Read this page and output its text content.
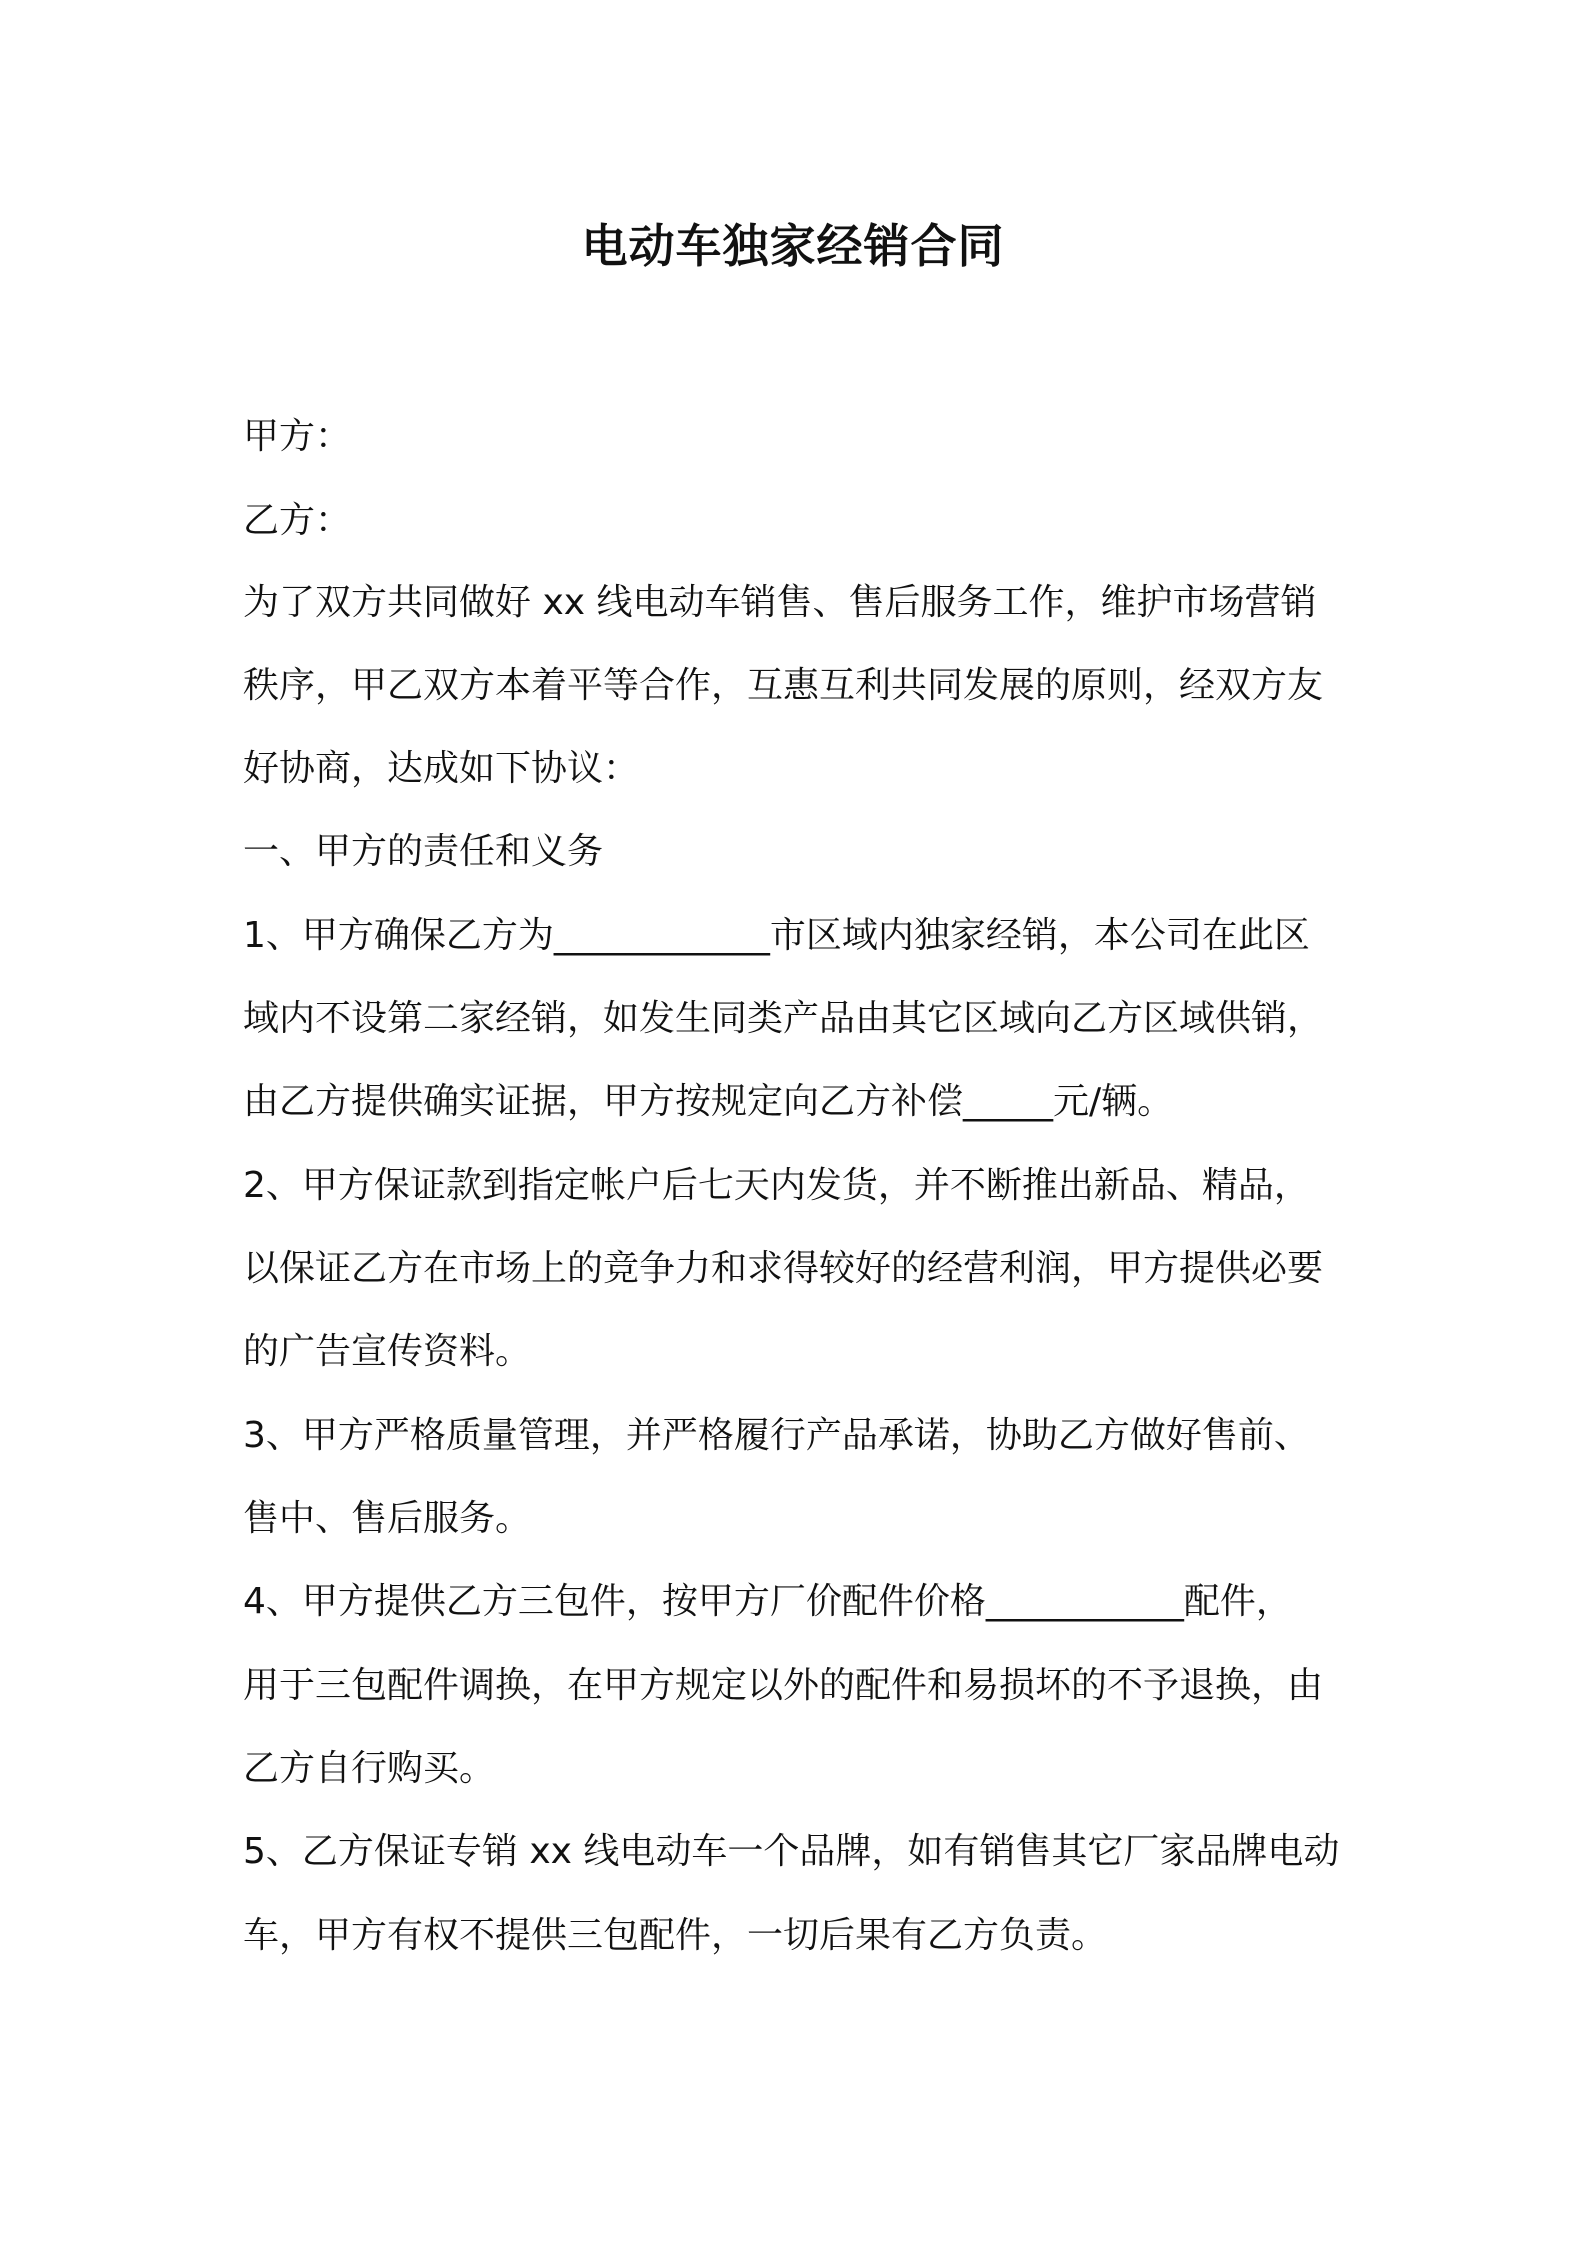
电动车独家经销合同

甲方：

乙方：

为了双方共同做好 xx 线电动车销售、售后服务工作，维护市场营销

秩序，甲乙双方本着平等合作，互惠互利共同发展的原则，经双方友

好协商，达成如下协议：

一、甲方的责任和义务

1、甲方确保乙方为____________市区域内独家经销，本公司在此区

域内不设第二家经销，如发生同类产品由其它区域向乙方区域供销，

由乙方提供确实证据，甲方按规定向乙方补偿_____元/辆。

2、甲方保证款到指定帐户后七天内发货，并不断推出新品、精品，

以保证乙方在市场上的竞争力和求得较好的经营利润，甲方提供必要

的广告宣传资料。

3、甲方严格质量管理，并严格履行产品承诺，协助乙方做好售前、

售中、售后服务。

4、甲方提供乙方三包件，按甲方厂价配件价格___________配件，

用于三包配件调换，在甲方规定以外的配件和易损坏的不予退换，由

乙方自行购买。

5、乙方保证专销 xx 线电动车一个品牌，如有销售其它厂家品牌电动

车，甲方有权不提供三包配件，一切后果有乙方负责。
